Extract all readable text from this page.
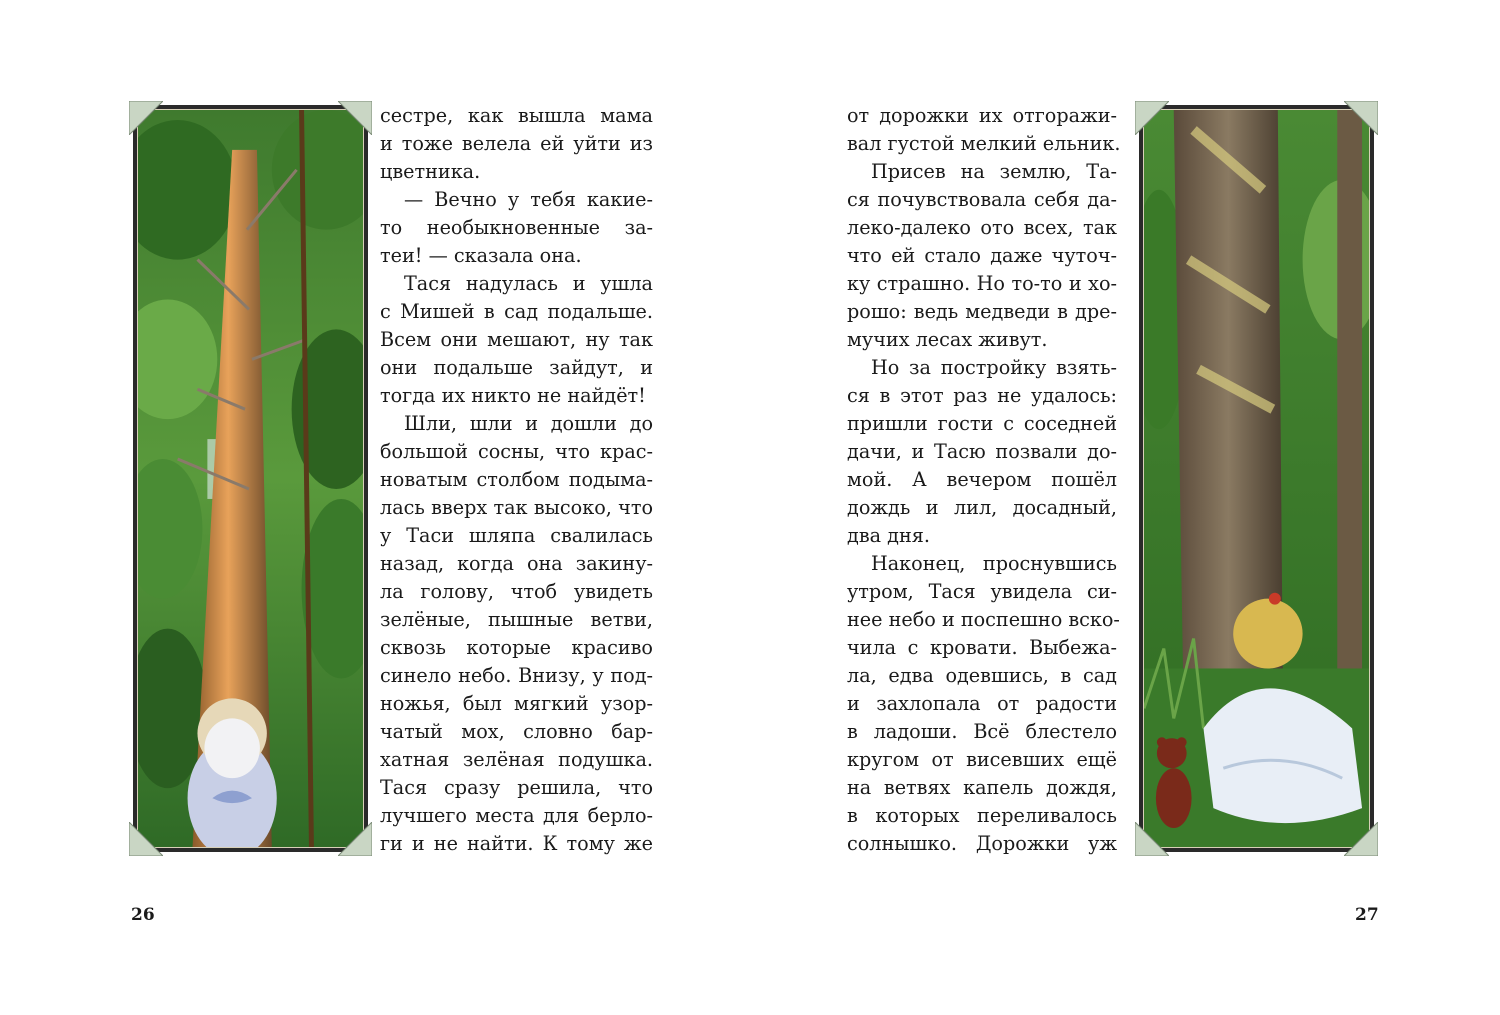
сестре, как вышла мама
и тоже велела ей уйти из
цветника.
— Вечно у тебя какие-
то необыкновенные за-
теи! — сказала она.
Тася надулась и ушла
с Мишей в сад подальше.
Всем они мешают, ну так
они подальше зайдут, и
тогда их никто не найдёт!
Шли, шли и дошли до
большой сосны, что крас-
новатым столбом подыма-
лась вверх так высоко, что
у Таси шляпа свалилась
назад, когда она закину-
ла голову, чтоб увидеть
зелёные, пышные ветви,
сквозь которые красиво
синело небо. Внизу, у под-
ножья, был мягкий узор-
чатый мох, словно бар-
хатная зелёная подушка.
Тася сразу решила, что
лучшего места для берло-
ги и не найти. К тому же
26
от дорожки их отгоражи-
вал густой мелкий ельник.
Присев на землю, Та-
ся почувствовала себя да-
леко-далеко ото всех, так
что ей стало даже чуточ-
ку страшно. Но то-то и хо-
рошо: ведь медведи в дре-
мучих лесах живут.
Но за постройку взять-
ся в этот раз не удалось:
пришли гости с соседней
дачи, и Тасю позвали до-
мой. А вечером пошёл
дождь и лил, досадный,
два дня.
Наконец, проснувшись
утром, Тася увидела си-
нее небо и поспешно вско-
чила с кровати. Выбежа-
ла, едва одевшись, в сад
и захлопала от радости
в ладоши. Всё блестело
кругом от висевших ещё
на ветвях капель дождя,
в которых переливалось
солнышко. Дорожки уж
27
